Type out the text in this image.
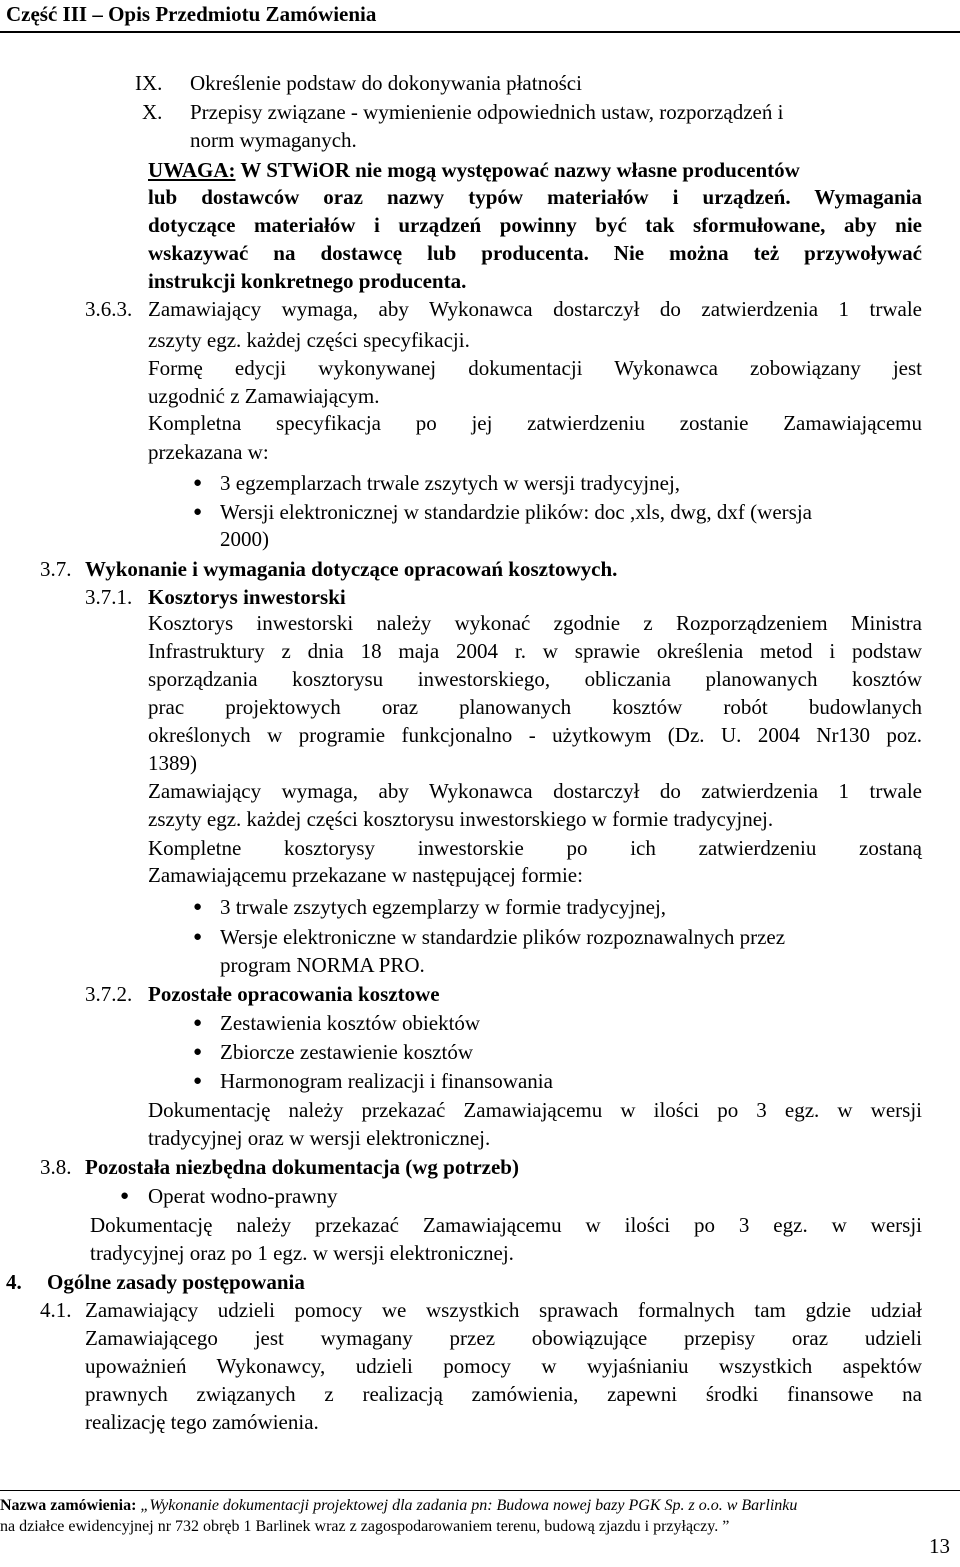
Część III – Opis Przedmiotu Zamówienia
IX. Określenie podstaw do dokonywania płatności
X. Przepisy związane - wymienienie odpowiednich ustaw, rozporządzeń i
norm wymaganych.
UWAGA: W STWiOR nie mogą występować nazwy własne producentów
lub dostawców oraz nazwy typów materiałów i urządzeń. Wymagania
dotyczące materiałów i urządzeń powinny być tak sformułowane, aby nie
wskazywać na dostawcę lub producenta. Nie można też przywoływać
instrukcji konkretnego producenta.
3.6.3. Zamawiający wymaga, aby Wykonawca dostarczył do zatwierdzenia 1 trwale
zszyty egz. każdej części specyfikacji.
Formę edycji wykonywanej dokumentacji Wykonawca zobowiązany jest
uzgodnić z Zamawiającym.
Kompletna specyfikacja po jej zatwierdzeniu zostanie Zamawiającemu
przekazana w:
● 3 egzemplarzach trwale zszytych w wersji tradycyjnej,
● Wersji elektronicznej w standardzie plików: doc ,xls, dwg, dxf (wersja
2000)
3.7. Wykonanie i wymagania dotyczące opracowań kosztowych.
3.7.1. Kosztorys inwestorski
Kosztorys inwestorski należy wykonać zgodnie z Rozporządzeniem Ministra
Infrastruktury z dnia 18 maja 2004 r. w sprawie określenia metod i podstaw
sporządzania kosztorysu inwestorskiego, obliczania planowanych kosztów
prac projektowych oraz planowanych kosztów robót budowlanych
określonych w programie funkcjonalno - użytkowym (Dz. U. 2004 Nr130 poz.
1389)
Zamawiający wymaga, aby Wykonawca dostarczył do zatwierdzenia 1 trwale
zszyty egz. każdej części kosztorysu inwestorskiego w formie tradycyjnej.
Kompletne kosztorysy inwestorskie po ich zatwierdzeniu zostaną
Zamawiającemu przekazane w następującej formie:
● 3 trwale zszytych egzemplarzy w formie tradycyjnej,
● Wersje elektroniczne w standardzie plików rozpoznawalnych przez
program NORMA PRO.
3.7.2. Pozostałe opracowania kosztowe
● Zestawienia kosztów obiektów
● Zbiorcze zestawienie kosztów
● Harmonogram realizacji i finansowania
Dokumentację należy przekazać Zamawiającemu w ilości po 3 egz. w wersji
tradycyjnej oraz w wersji elektronicznej.
3.8. Pozostała niezbędna dokumentacja (wg potrzeb)
● Operat wodno-prawny
Dokumentację należy przekazać Zamawiającemu w ilości po 3 egz. w wersji
tradycyjnej oraz po 1 egz. w wersji elektronicznej.
4. Ogólne zasady postępowania
4.1. Zamawiający udzieli pomocy we wszystkich sprawach formalnych tam gdzie udział
Zamawiającego jest wymagany przez obowiązujące przepisy oraz udzieli
upoważnień Wykonawcy, udzieli pomocy w wyjaśnianiu wszystkich aspektów
prawnych związanych z realizacją zamówienia, zapewni środki finansowe na
realizację tego zamówienia.
Nazwa zamówienia: „Wykonanie dokumentacji projektowej dla zadania pn: Budowa nowej bazy PGK Sp. z o.o. w Barlinku
na działce ewidencyjnej nr 732 obręb 1 Barlinek wraz z zagospodarowaniem terenu, budową zjazdu i przyłączy. ”
13
